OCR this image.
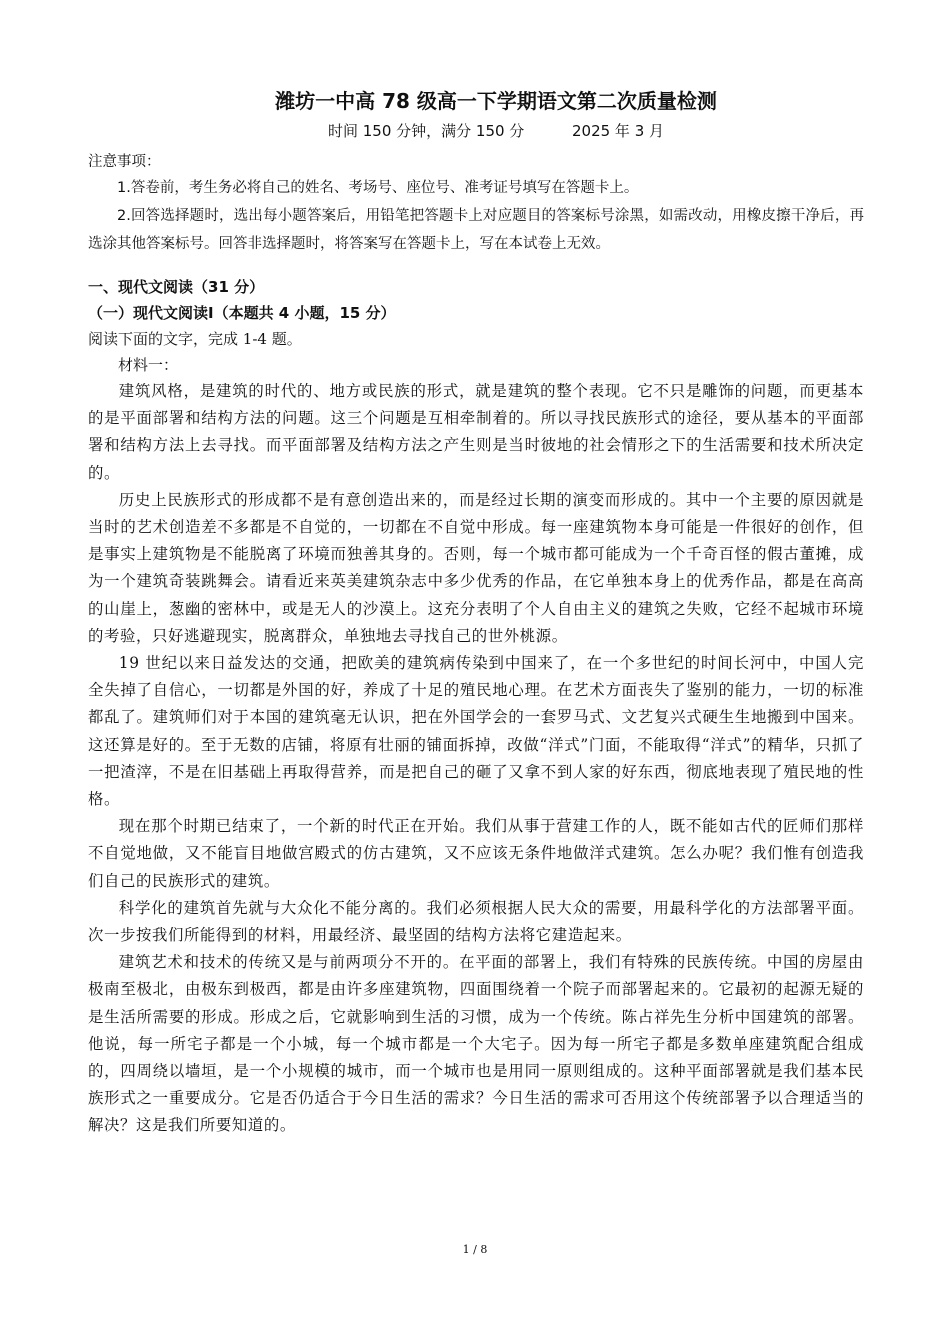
潍坊一中高 78 级高一下学期语文第二次质量检测
时间 150 分钟，满分 150 分          2025 年 3 月
注意事项：

1.答卷前，考生务必将自己的姓名、考场号、座位号、准考证号填写在答题卡上。

2.回答选择题时，选出每小题答案后，用铅笔把答题卡上对应题目的答案标号涂黑，如需改动，用橡皮擦干净后，再选涂其他答案标号。回答非选择题时，将答案写在答题卡上，写在本试卷上无效。

一、现代文阅读（31 分）
（一）现代文阅读Ⅰ（本题共 4 小题，15 分）
阅读下面的文字，完成 1-4 题。
材料一：

建筑风格，是建筑的时代的、地方或民族的形式，就是建筑的整个表现。它不只是雕饰的问题，而更基本的是平面部署和结构方法的问题。这三个问题是互相牵制着的。所以寻找民族形式的途径，要从基本的平面部署和结构方法上去寻找。而平面部署及结构方法之产生则是当时彼地的社会情形之下的生活需要和技术所决定的。

历史上民族形式的形成都不是有意创造出来的，而是经过长期的演变而形成的。其中一个主要的原因就是当时的艺术创造差不多都是不自觉的，一切都在不自觉中形成。每一座建筑物本身可能是一件很好的创作，但是事实上建筑物是不能脱离了环境而独善其身的。否则，每一个城市都可能成为一个千奇百怪的假古董摊，成为一个建筑奇装跳舞会。请看近来英美建筑杂志中多少优秀的作品，在它单独本身上的优秀作品，都是在高高的山崖上，葱幽的密林中，或是无人的沙漠上。这充分表明了个人自由主义的建筑之失败，它经不起城市环境的考验，只好逃避现实，脱离群众，单独地去寻找自己的世外桃源。

19 世纪以来日益发达的交通，把欧美的建筑病传染到中国来了，在一个多世纪的时间长河中，中国人完全失掉了自信心，一切都是外国的好，养成了十足的殖民地心理。在艺术方面丧失了鉴别的能力，一切的标准都乱了。建筑师们对于本国的建筑毫无认识，把在外国学会的一套罗马式、文艺复兴式硬生生地搬到中国来。这还算是好的。至于无数的店铺，将原有壮丽的铺面拆掉，改做“洋式”门面，不能取得“洋式”的精华，只抓了一把渣滓，不是在旧基础上再取得营养，而是把自己的砸了又拿不到人家的好东西，彻底地表现了殖民地的性格。

现在那个时期已结束了，一个新的时代正在开始。我们从事于营建工作的人，既不能如古代的匠师们那样不自觉地做，又不能盲目地做宫殿式的仿古建筑，又不应该无条件地做洋式建筑。怎么办呢？我们惟有创造我们自己的民族形式的建筑。

科学化的建筑首先就与大众化不能分离的。我们必须根据人民大众的需要，用最科学化的方法部署平面。次一步按我们所能得到的材料，用最经济、最坚固的结构方法将它建造起来。

建筑艺术和技术的传统又是与前两项分不开的。在平面的部署上，我们有特殊的民族传统。中国的房屋由极南至极北，由极东到极西，都是由许多座建筑物，四面围绕着一个院子而部署起来的。它最初的起源无疑的是生活所需要的形成。形成之后，它就影响到生活的习惯，成为一个传统。陈占祥先生分析中国建筑的部署。他说，每一所宅子都是一个小城，每一个城市都是一个大宅子。因为每一所宅子都是多数单座建筑配合组成的，四周绕以墙垣，是一个小规模的城市，而一个城市也是用同一原则组成的。这种平面部署就是我们基本民族形式之一重要成分。它是否仍适合于今日生活的需求？今日生活的需求可否用这个传统部署予以合理适当的解决？这是我们所要知道的。

1 / 8
